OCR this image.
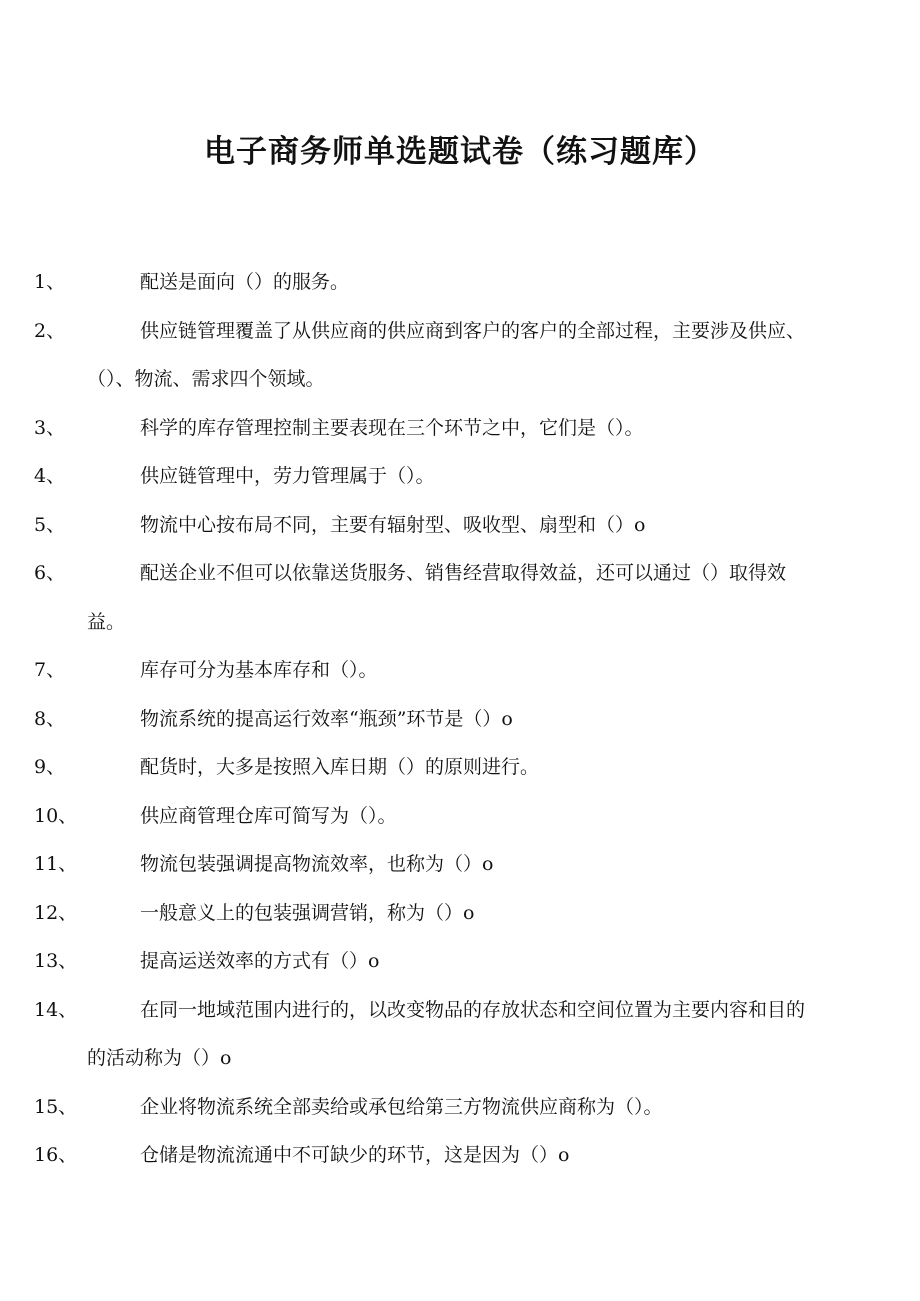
电子商务师单选题试卷（练习题库）
1、	配送是面向（）的服务。
2、	供应链管理覆盖了从供应商的供应商到客户的客户的全部过程，主要涉及供应、（）、物流、需求四个领域。
3、	科学的库存管理控制主要表现在三个环节之中，它们是（）。
4、	供应链管理中，劳力管理属于（）。
5、	物流中心按布局不同，主要有辐射型、吸收型、扇型和（）o
6、	配送企业不但可以依靠送货服务、销售经营取得效益，还可以通过（）取得效益。
7、	库存可分为基本库存和（）。
8、	物流系统的提高运行效率“瓶颈”环节是（）o
9、	配货时，大多是按照入库日期（）的原则进行。
10、	供应商管理仓库可简写为（）。
11、	物流包装强调提高物流效率，也称为（）o
12、	一般意义上的包装强调营销，称为（）o
13、	提高运送效率的方式有（）o
14、	在同一地域范围内进行的，以改变物品的存放状态和空间位置为主要内容和目的的活动称为（）o
15、	企业将物流系统全部卖给或承包给第三方物流供应商称为（）。
16、	仓储是物流流通中不可缺少的环节，这是因为（）o
